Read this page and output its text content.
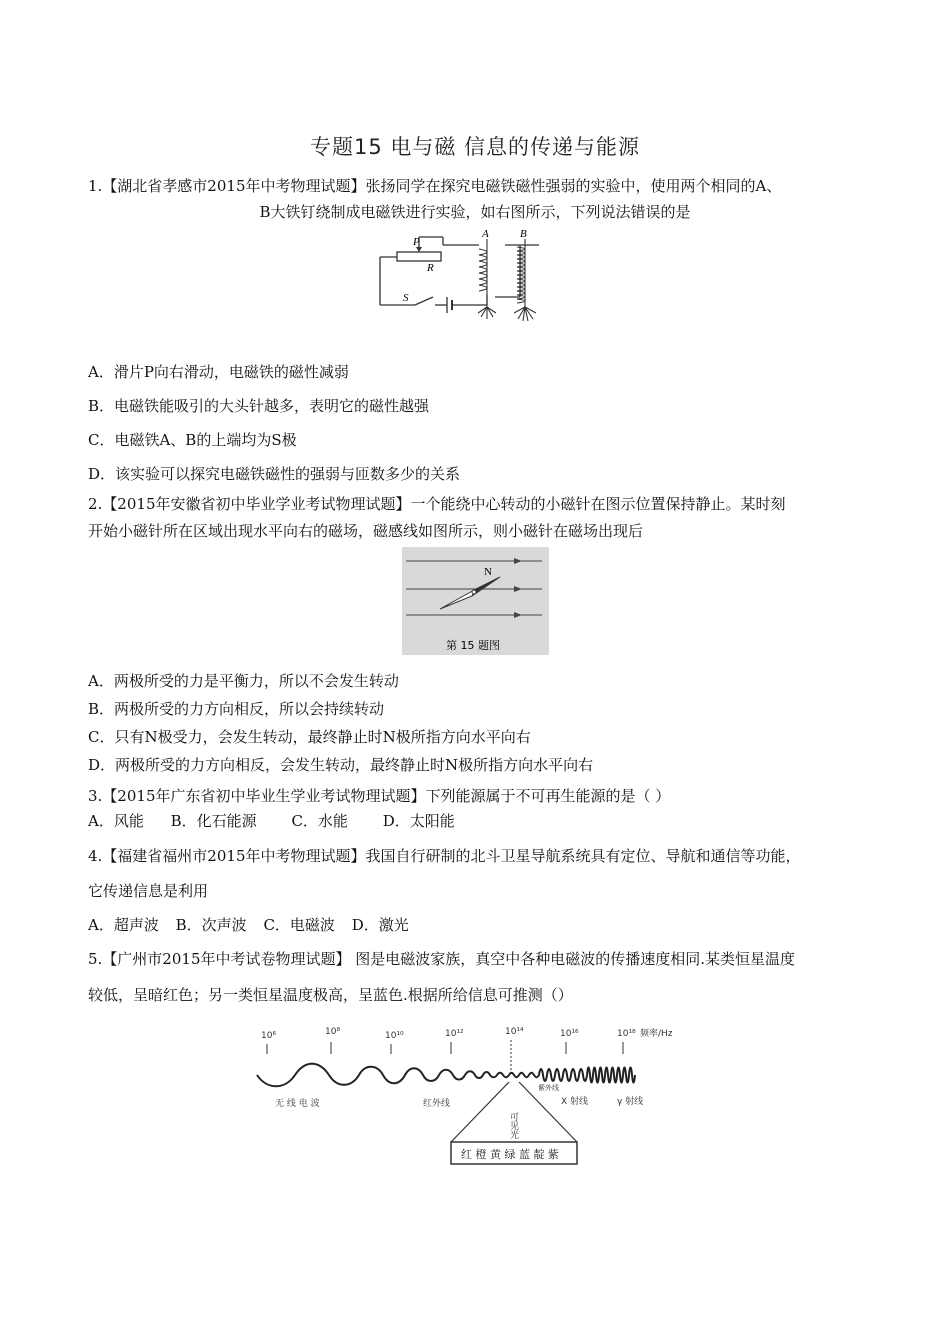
专题15 电与磁 信息的传递与能源
1.【湖北省孝感市2015年中考物理试题】张扬同学在探究电磁铁磁性强弱的实验中，使用两个相同的A、
B大铁钉绕制成电磁铁进行实验，如右图所示，下列说法错误的是
P
R
S
A	B
A．滑片P向右滑动，电磁铁的磁性减弱
B．电磁铁能吸引的大头针越多，表明它的磁性越强
C．电磁铁A、B的上端均为S极
D．该实验可以探究电磁铁磁性的强弱与匝数多少的关系
2.【2015年安徽省初中毕业学业考试物理试题】一个能绕中心转动的小磁针在图示位置保持静止。某时刻
开始小磁针所在区域出现水平向右的磁场，磁感线如图所示，则小磁针在磁场出现后
N
第 15 题图
A．两极所受的力是平衡力，所以不会发生转动
B．两极所受的力方向相反，所以会持续转动
C．只有N极受力，会发生转动，最终静止时N极所指方向水平向右
D．两极所受的力方向相反，会发生转动，最终静止时N极所指方向水平向右
3.【2015年广东省初中毕业生学业考试物理试题】下列能源属于不可再生能源的是（ ）
A．风能 B．化石能源 C．水能 D．太阳能
4.【福建省福州市2015年中考物理试题】我国自行研制的北斗卫星导航系统具有定位、导航和通信等功能，
它传递信息是利用
A．超声波 B．次声波 C．电磁波 D．激光
5.【广州市2015年中考试卷物理试题】 图是电磁波家族，真空中各种电磁波的传播速度相同.某类恒星温度
较低，呈暗红色；另一类恒星温度极高，呈蓝色.根据所给信息可推测（）
10⁶	10⁸	10¹⁰	10¹²	10¹⁴	10¹⁶	10¹⁸ 频率/Hz
无 线 电 波	红外线	X 射线	γ 射线
紫外线
可见光
红 橙 黄 绿 蓝 靛 紫
